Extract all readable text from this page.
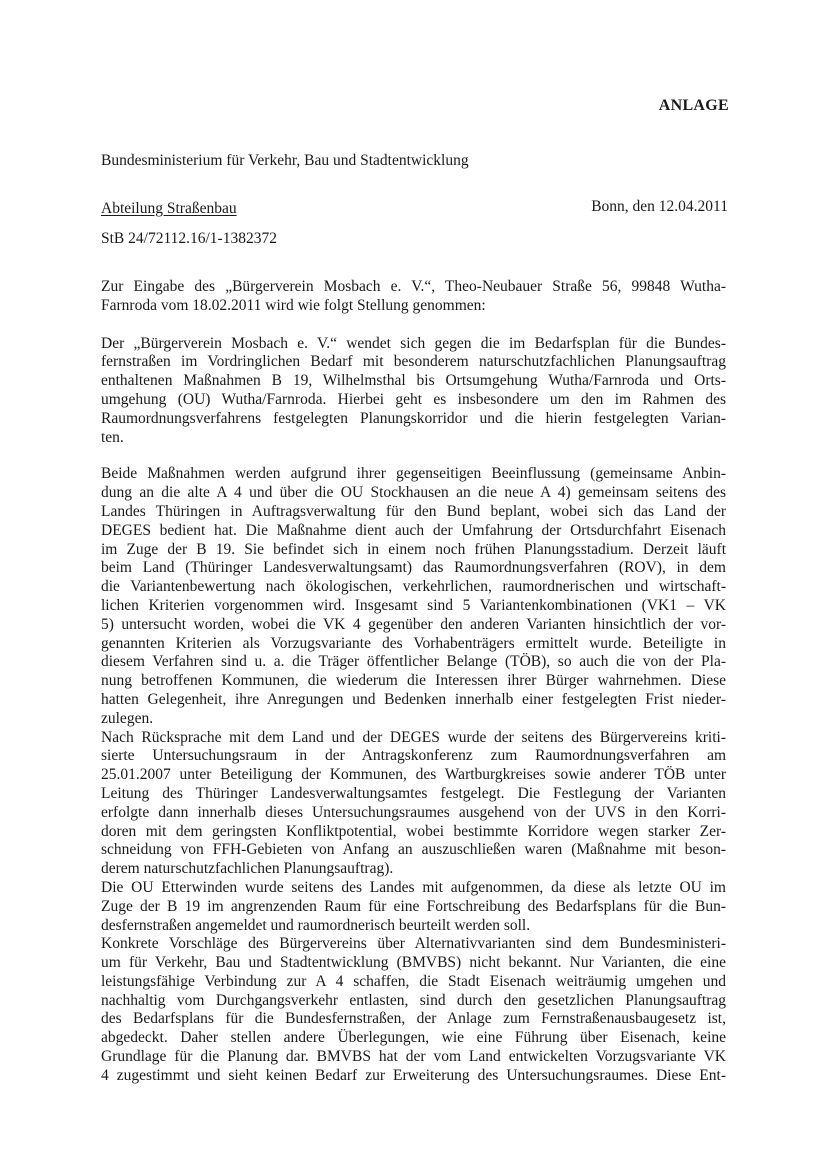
ANLAGE
Bundesministerium für Verkehr, Bau und Stadtentwicklung
Abteilung Straßenbau	Bonn, den 12.04.2011
StB 24/72112.16/1-1382372

Zur Eingabe des „Bürgerverein Mosbach e. V.“, Theo-Neubauer Straße 56, 99848 Wutha-
Farnroda vom 18.02.2011 wird wie folgt Stellung genommen:

Der „Bürgerverein Mosbach e. V.“ wendet sich gegen die im Bedarfsplan für die Bundes-
fernstraßen im Vordringlichen Bedarf mit besonderem naturschutzfachlichen Planungsauftrag
enthaltenen Maßnahmen B 19, Wilhelmsthal bis Ortsumgehung Wutha/Farnroda und Orts-
umgehung (OU) Wutha/Farnroda. Hierbei geht es insbesondere um den im Rahmen des
Raumordnungsverfahrens festgelegten Planungskorridor und die hierin festgelegten Varian-
ten.

Beide Maßnahmen werden aufgrund ihrer gegenseitigen Beeinflussung (gemeinsame Anbin-
dung an die alte A 4 und über die OU Stockhausen an die neue A 4) gemeinsam seitens des
Landes Thüringen in Auftragsverwaltung für den Bund beplant, wobei sich das Land der
DEGES bedient hat. Die Maßnahme dient auch der Umfahrung der Ortsdurchfahrt Eisenach
im Zuge der B 19. Sie befindet sich in einem noch frühen Planungsstadium. Derzeit läuft
beim Land (Thüringer Landesverwaltungsamt) das Raumordnungsverfahren (ROV), in dem
die Variantenbewertung nach ökologischen, verkehrlichen, raumordnerischen und wirtschaft-
lichen Kriterien vorgenommen wird. Insgesamt sind 5 Variantenkombinationen (VK1 – VK
5) untersucht worden, wobei die VK 4 gegenüber den anderen Varianten hinsichtlich der vor-
genannten Kriterien als Vorzugsvariante des Vorhabenträgers ermittelt wurde. Beteiligte in
diesem Verfahren sind u. a. die Träger öffentlicher Belange (TÖB), so auch die von der Pla-
nung betroffenen Kommunen, die wiederum die Interessen ihrer Bürger wahrnehmen. Diese
hatten Gelegenheit, ihre Anregungen und Bedenken innerhalb einer festgelegten Frist nieder-
zulegen.

Nach Rücksprache mit dem Land und der DEGES wurde der seitens des Bürgervereins kriti-
sierte Untersuchungsraum in der Antragskonferenz zum Raumordnungsverfahren am
25.01.2007 unter Beteiligung der Kommunen, des Wartburgkreises sowie anderer TÖB unter
Leitung des Thüringer Landesverwaltungsamtes festgelegt. Die Festlegung der Varianten
erfolgte dann innerhalb dieses Untersuchungsraumes ausgehend von der UVS in den Korri-
doren mit dem geringsten Konfliktpotential, wobei bestimmte Korridore wegen starker Zer-
schneidung von FFH-Gebieten von Anfang an auszuschließen waren (Maßnahme mit beson-
derem naturschutzfachlichen Planungsauftrag).

Die OU Etterwinden wurde seitens des Landes mit aufgenommen, da diese als letzte OU im
Zuge der B 19 im angrenzenden Raum für eine Fortschreibung des Bedarfsplans für die Bun-
desfernstraßen angemeldet und raumordnerisch beurteilt werden soll.

Konkrete Vorschläge des Bürgervereins über Alternativvarianten sind dem Bundesministeri-
um für Verkehr, Bau und Stadtentwicklung (BMVBS) nicht bekannt. Nur Varianten, die eine
leistungsfähige Verbindung zur A 4 schaffen, die Stadt Eisenach weiträumig umgehen und
nachhaltig vom Durchgangsverkehr entlasten, sind durch den gesetzlichen Planungsauftrag
des Bedarfsplans für die Bundesfernstraßen, der Anlage zum Fernstraßenausbaugesetz ist,
abgedeckt. Daher stellen andere Überlegungen, wie eine Führung über Eisenach, keine
Grundlage für die Planung dar. BMVBS hat der vom Land entwickelten Vorzugsvariante VK
4 zugestimmt und sieht keinen Bedarf zur Erweiterung des Untersuchungsraumes. Diese Ent-
